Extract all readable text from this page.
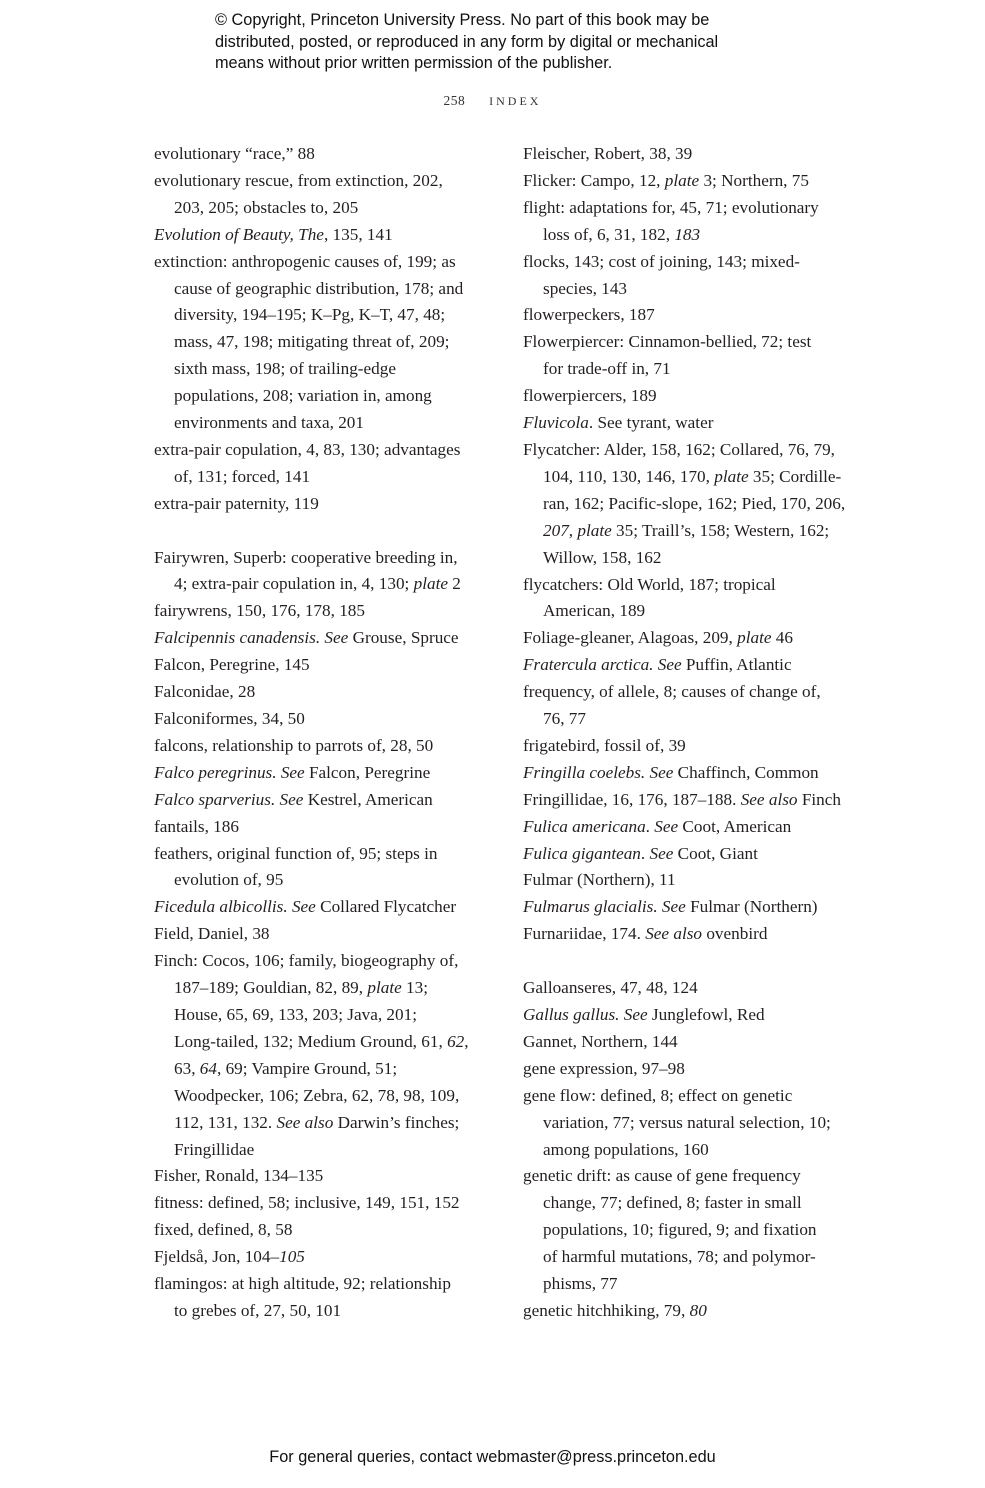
© Copyright, Princeton University Press. No part of this book may be
distributed, posted, or reproduced in any form by digital or mechanical
means without prior written permission of the publisher.
258 INDEX
evolutionary “race,” 88
evolutionary rescue, from extinction, 202,
203, 205; obstacles to, 205
Evolution of Beauty, The, 135, 141
extinction: anthropogenic causes of, 199; as
cause of geographic distribution, 178; and
diversity, 194–195; K–Pg, K–T, 47, 48;
mass, 47, 198; mitigating threat of, 209;
sixth mass, 198; of trailing-edge
populations, 208; variation in, among
environments and taxa, 201
extra-pair copulation, 4, 83, 130; advantages
of, 131; forced, 141
extra-pair paternity, 119
Fairywren, Superb: cooperative breeding in,
4; extra-pair copulation in, 4, 130; plate 2
fairywrens, 150, 176, 178, 185
Falcipennis canadensis. See Grouse, Spruce
Falcon, Peregrine, 145
Falconidae, 28
Falconiformes, 34, 50
falcons, relationship to parrots of, 28, 50
Falco peregrinus. See Falcon, Peregrine
Falco sparverius. See Kestrel, American
fantails, 186
feathers, original function of, 95; steps in
evolution of, 95
Ficedula albicollis. See Collared Flycatcher
Field, Daniel, 38
Finch: Cocos, 106; family, biogeography of,
187–189; Gouldian, 82, 89, plate 13;
House, 65, 69, 133, 203; Java, 201;
Long-tailed, 132; Medium Ground, 61, 62,
63, 64, 69; Vampire Ground, 51;
Woodpecker, 106; Zebra, 62, 78, 98, 109,
112, 131, 132. See also Darwin’s finches;
Fringillidae
Fisher, Ronald, 134–135
fitness: defined, 58; inclusive, 149, 151, 152
fixed, defined, 8, 58
Fjeldså, Jon, 104–105
flamingos: at high altitude, 92; relationship
to grebes of, 27, 50, 101
Fleischer, Robert, 38, 39
Flicker: Campo, 12, plate 3; Northern, 75
flight: adaptations for, 45, 71; evolutionary
loss of, 6, 31, 182, 183
flocks, 143; cost of joining, 143; mixed-
species, 143
flowerpeckers, 187
Flowerpiercer: Cinnamon-bellied, 72; test
for trade-off in, 71
flowerpiercers, 189
Fluvicola. See tyrant, water
Flycatcher: Alder, 158, 162; Collared, 76, 79,
104, 110, 130, 146, 170, plate 35; Cordille-
ran, 162; Pacific-slope, 162; Pied, 170, 206,
207, plate 35; Traill’s, 158; Western, 162;
Willow, 158, 162
flycatchers: Old World, 187; tropical
American, 189
Foliage-gleaner, Alagoas, 209, plate 46
Fratercula arctica. See Puffin, Atlantic
frequency, of allele, 8; causes of change of,
76, 77
frigatebird, fossil of, 39
Fringilla coelebs. See Chaffinch, Common
Fringillidae, 16, 176, 187–188. See also Finch
Fulica americana. See Coot, American
Fulica gigantean. See Coot, Giant
Fulmar (Northern), 11
Fulmarus glacialis. See Fulmar (Northern)
Furnariidae, 174. See also ovenbird
Galloanseres, 47, 48, 124
Gallus gallus. See Junglefowl, Red
Gannet, Northern, 144
gene expression, 97–98
gene flow: defined, 8; effect on genetic
variation, 77; versus natural selection, 10;
among populations, 160
genetic drift: as cause of gene frequency
change, 77; defined, 8; faster in small
populations, 10; figured, 9; and fixation
of harmful mutations, 78; and polymor-
phisms, 77
genetic hitchhiking, 79, 80
For general queries, contact webmaster@press.princeton.edu
